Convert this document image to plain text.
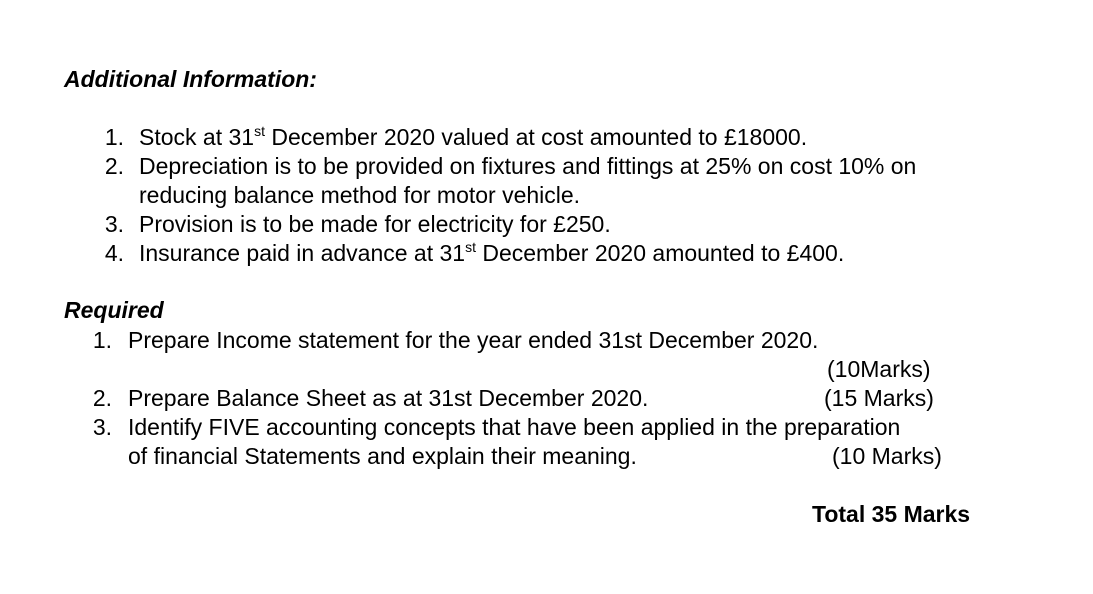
Additional Information:
1. Stock at 31st December 2020 valued at cost amounted to £18000.
2. Depreciation is to be provided on fixtures and fittings at 25% on cost 10% on
reducing balance method for motor vehicle.
3. Provision is to be made for electricity for £250.
4. Insurance paid in advance at 31st December 2020 amounted to £400.
Required
1. Prepare Income statement for the year ended 31st December 2020.
(10Marks)
2. Prepare Balance Sheet as at 31st December 2020.	(15 Marks)
3. Identify FIVE accounting concepts that have been applied in the preparation
of financial Statements and explain their meaning.	(10 Marks)
Total 35 Marks
